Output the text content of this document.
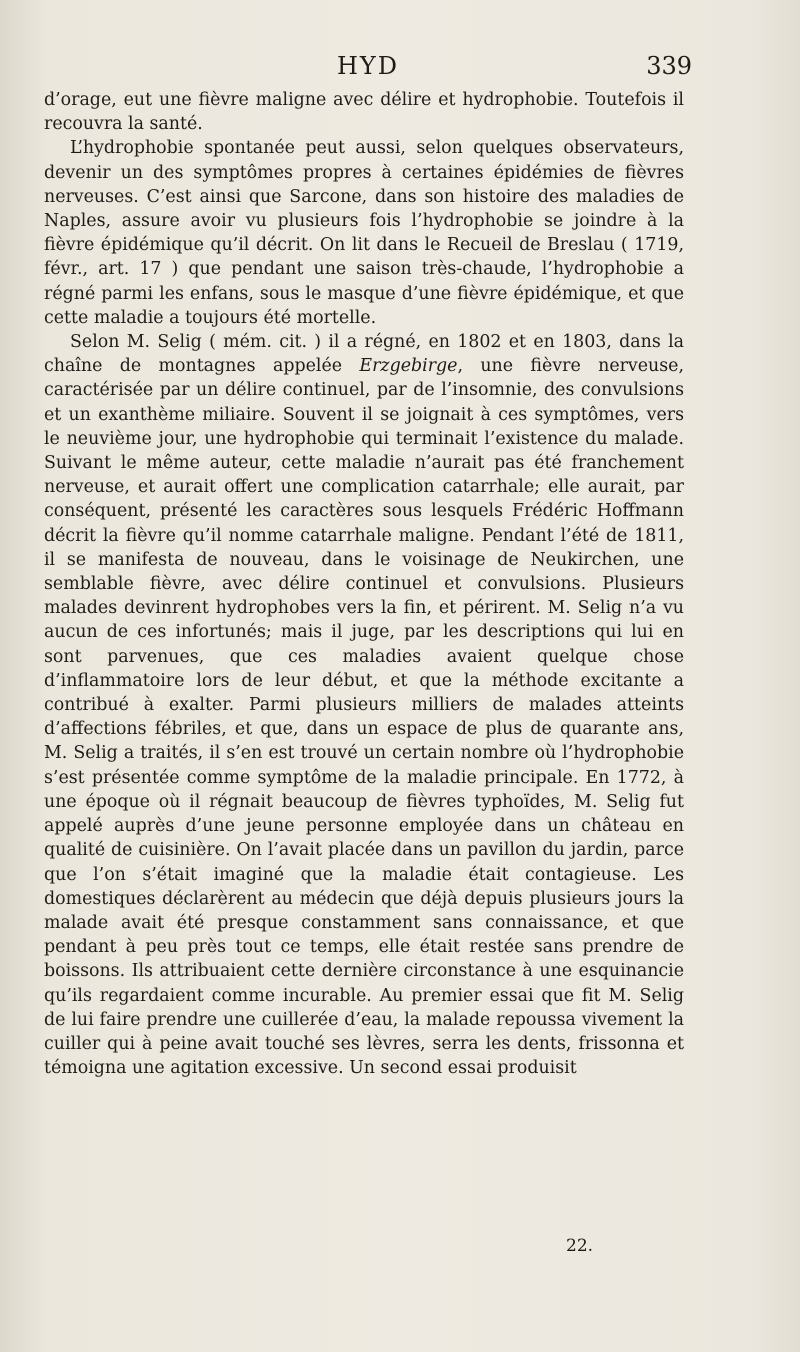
HYD	339

d’orage, eut une fièvre maligne avec délire et hydrophobie. Toutefois il recouvra la santé.

L’hydrophobie spontanée peut aussi, selon quelques observateurs, devenir un des symptômes propres à certaines épidémies de fièvres nerveuses. C’est ainsi que Sarcone, dans son histoire des maladies de Naples, assure avoir vu plusieurs fois l’hydrophobie se joindre à la fièvre épidémique qu’il décrit. On lit dans le Recueil de Breslau ( 1719, févr., art. 17 ) que pendant une saison très-chaude, l’hydrophobie a régné parmi les enfans, sous le masque d’une fièvre épidémique, et que cette maladie a toujours été mortelle.

Selon M. Selig ( mém. cit. ) il a régné, en 1802 et en 1803, dans la chaîne de montagnes appelée Erzgebirge, une fièvre nerveuse, caractérisée par un délire continuel, par de l’insomnie, des convulsions et un exanthème miliaire. Souvent il se joignait à ces symptômes, vers le neuvième jour, une hydrophobie qui terminait l’existence du malade. Suivant le même auteur, cette maladie n’aurait pas été franchement nerveuse, et aurait offert une complication catarrhale; elle aurait, par conséquent, présenté les caractères sous lesquels Frédéric Hoffmann décrit la fièvre qu’il nomme catarrhale maligne. Pendant l’été de 1811, il se manifesta de nouveau, dans le voisinage de Neukirchen, une semblable fièvre, avec délire continuel et convulsions. Plusieurs malades devinrent hydrophobes vers la fin, et périrent. M. Selig n’a vu aucun de ces infortunés; mais il juge, par les descriptions qui lui en sont parvenues, que ces maladies avaient quelque chose d’inflammatoire lors de leur début, et que la méthode excitante a contribué à exalter. Parmi plusieurs milliers de malades atteints d’affections fébriles, et que, dans un espace de plus de quarante ans, M. Selig a traités, il s’en est trouvé un certain nombre où l’hydrophobie s’est présentée comme symptôme de la maladie principale. En 1772, à une époque où il régnait beaucoup de fièvres typhoïdes, M. Selig fut appelé auprès d’une jeune personne employée dans un château en qualité de cuisinière. On l’avait placée dans un pavillon du jardin, parce que l’on s’était imaginé que la maladie était contagieuse. Les domestiques déclarèrent au médecin que déjà depuis plusieurs jours la malade avait été presque constamment sans connaissance, et que pendant à peu près tout ce temps, elle était restée sans prendre de boissons. Ils attribuaient cette dernière circonstance à une esquinancie qu’ils regardaient comme incurable. Au premier essai que fit M. Selig de lui faire prendre une cuillerée d’eau, la malade repoussa vivement la cuiller qui à peine avait touché ses lèvres, serra les dents, frissonna et témoigna une agitation excessive. Un second essai produisit

22.
